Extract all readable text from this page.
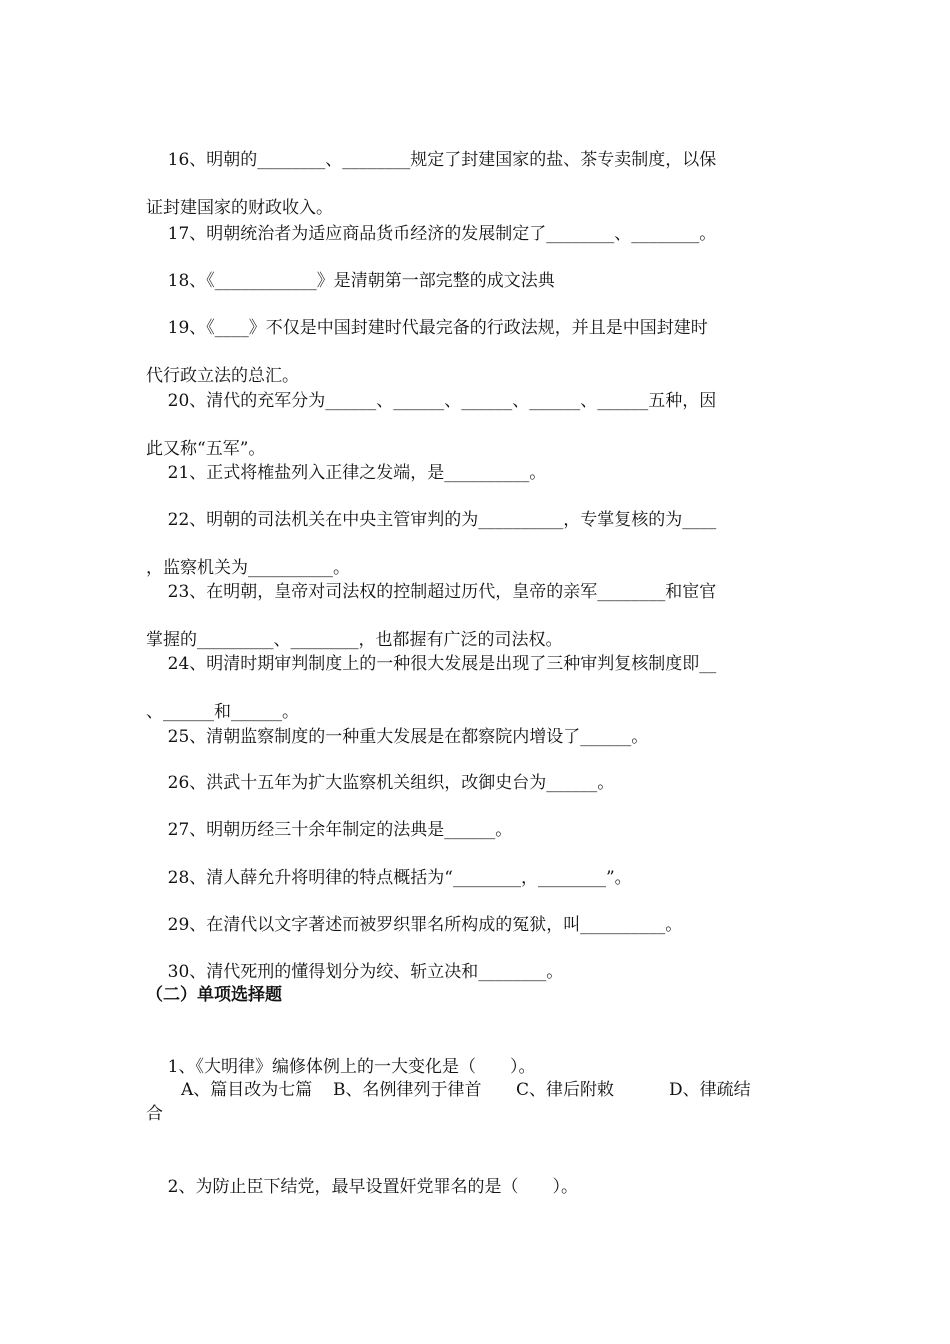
16、明朝的________、________规定了封建国家的盐、茶专卖制度，以保

证封建国家的财政收入。

17、明朝统治者为适应商品货币经济的发展制定了________、________。

18、《____________》是清朝第一部完整的成文法典

19、《____》不仅是中国封建时代最完备的行政法规，并且是中国封建时

代行政立法的总汇。

20、清代的充军分为______、______、______、______、______五种，因

此又称“五军”。

21、正式将榷盐列入正律之发端，是__________。

22、明朝的司法机关在中央主管审判的为__________，专掌复核的为____

，监察机关为__________。

23、在明朝，皇帝对司法权的控制超过历代，皇帝的亲军________和宦官

掌握的_________、________，也都握有广泛的司法权。

24、明清时期审判制度上的一种很大发展是出现了三种审判复核制度即__

、______和______。

25、清朝监察制度的一种重大发展是在都察院内增设了______。

26、洪武十五年为扩大监察机关组织，改御史台为______。

27、明朝历经三十余年制定的法典是______。

28、清人薛允升将明律的特点概括为“________，________”。

29、在清代以文字著述而被罗织罪名所构成的冤狱，叫__________。

30、清代死刑的懂得划分为绞、斩立决和________。

（二）单项选择题

1、《大明律》编修体例上的一大变化是（　　）。

A、篇目改为七篇	B、名例律列于律首	C、律后附敕	D、律疏结
合

2、为防止臣下结党，最早设置奸党罪名的是（　　）。
